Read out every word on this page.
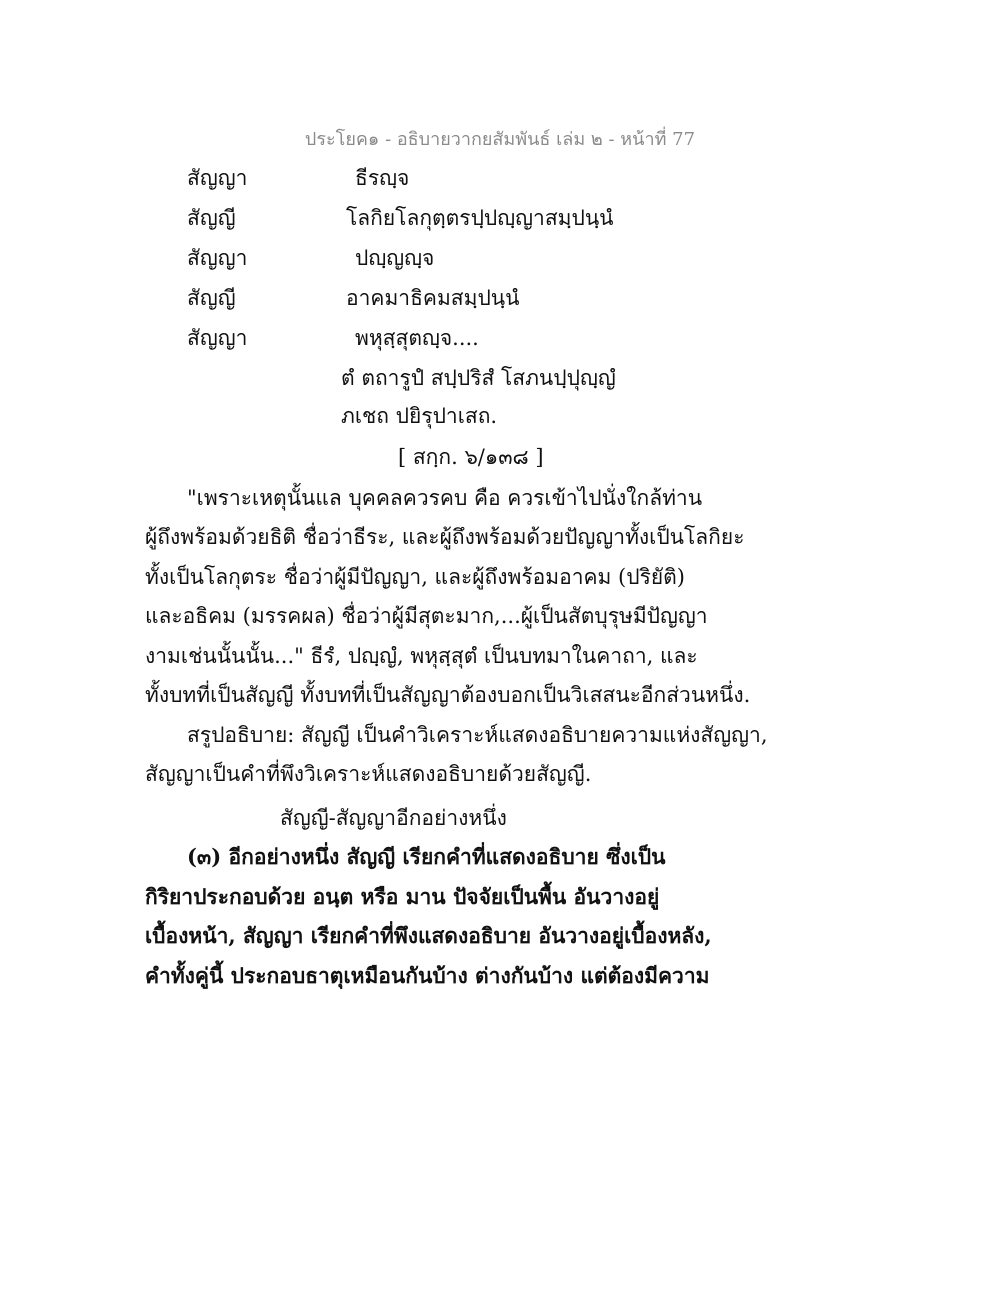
ประโยค๑ - อธิบายวากยสัมพันธ์ เล่ม ๒ - หน้าที่ 77
สัญญา	ธีรญฺจ
สัญญี	โลกิยโลกุตฺตรปฺปญฺญาสมฺปนฺนํ
สัญญา	ปญฺญญฺจ
สัญญี	อาคมาธิคมสมฺปนฺนํ
สัญญา	พหุสฺสุตญฺจ....
ตํ ตถารูปํ สปฺปริสํ โสภนปฺปุญฺญํ
ภเชถ ปยิรุปาเสถ.
[ สกฺก. ๖/๑๓๘ ]
"เพราะเหตุนั้นแล บุคคลควรคบ คือ ควรเข้าไปนั่งใกล้ท่าน
ผู้ถึงพร้อมด้วยธิติ ชื่อว่าธีระ, และผู้ถึงพร้อมด้วยปัญญาทั้งเป็นโลกิยะ
ทั้งเป็นโลกุตระ ชื่อว่าผู้มีปัญญา, และผู้ถึงพร้อมอาคม (ปริยัติ)
และอธิคม (มรรคผล) ชื่อว่าผู้มีสุตะมาก,...ผู้เป็นสัตบุรุษมีปัญญา
งามเช่นนั้นนั้น..." ธีรํ, ปญฺญํ, พหุสฺสุตํ เป็นบทมาในคาถา, และ
ทั้งบทที่เป็นสัญญี ทั้งบทที่เป็นสัญญาต้องบอกเป็นวิเสสนะอีกส่วนหนึ่ง.
สรูปอธิบาย: สัญญี เป็นคำวิเคราะห์แสดงอธิบายความแห่งสัญญา,
สัญญาเป็นคำที่พึงวิเคราะห์แสดงอธิบายด้วยสัญญี.
สัญญี-สัญญาอีกอย่างหนึ่ง
(๓) อีกอย่างหนึ่ง สัญญี เรียกคำที่แสดงอธิบาย ซึ่งเป็น
กิริยาประกอบด้วย อนฺต หรือ มาน ปัจจัยเป็นพื้น อันวางอยู่
เบื้องหน้า, สัญญา เรียกคำที่พึงแสดงอธิบาย อันวางอยู่เบื้องหลัง,
คำทั้งคู่นี้ ประกอบธาตุเหมือนกันบ้าง ต่างกันบ้าง แต่ต้องมีความ
